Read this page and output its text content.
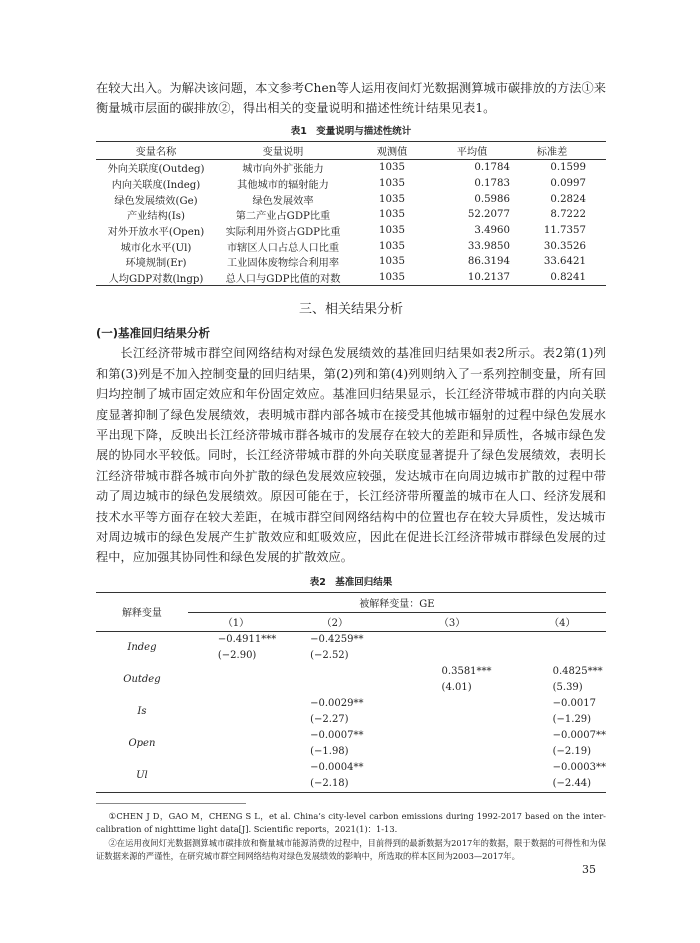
在较大出入。为解决该问题，本文参考Chen等人运用夜间灯光数据测算城市碳排放的方法①来衡量城市层面的碳排放②，得出相关的变量说明和描述性统计结果见表1。

表1　变量说明与描述性统计
变量名称	变量说明	观测值	平均值	标准差
外向关联度(Outdeg)	城市向外扩张能力	1035	0.1784	0.1599
内向关联度(Indeg)	其他城市的辐射能力	1035	0.1783	0.0997
绿色发展绩效(Ge)	绿色发展效率	1035	0.5986	0.2824
产业结构(Is)	第二产业占GDP比重	1035	52.2077	8.7222
对外开放水平(Open)	实际利用外资占GDP比重	1035	3.4960	11.7357
城市化水平(Ul)	市辖区人口占总人口比重	1035	33.9850	30.3526
环境规制(Er)	工业固体废物综合利用率	1035	86.3194	33.6421
人均GDP对数(lngp)	总人口与GDP比值的对数	1035	10.2137	0.8241
三、相关结果分析
(一)基准回归结果分析

长江经济带城市群空间网络结构对绿色发展绩效的基准回归结果如表2所示。表2第(1)列和第(3)列是不加入控制变量的回归结果，第(2)列和第(4)列则纳入了一系列控制变量，所有回归均控制了城市固定效应和年份固定效应。基准回归结果显示，长江经济带城市群的内向关联度显著抑制了绿色发展绩效，表明城市群内部各城市在接受其他城市辐射的过程中绿色发展水平出现下降，反映出长江经济带城市群各城市的发展存在较大的差距和异质性，各城市绿色发展的协同水平较低。同时，长江经济带城市群的外向关联度显著提升了绿色发展绩效，表明长江经济带城市群各城市向外扩散的绿色发展效应较强，发达城市在向周边城市扩散的过程中带动了周边城市的绿色发展绩效。原因可能在于，长江经济带所覆盖的城市在人口、经济发展和技术水平等方面存在较大差距，在城市群空间网络结构中的位置也存在较大异质性，发达城市对周边城市的绿色发展产生扩散效应和虹吸效应，因此在促进长江经济带城市群绿色发展的过程中，应加强其协同性和绿色发展的扩散效应。

表2　基准回归结果
解释变量	被解释变量：GE			
	（1）	（2）	（3）	（4）
Indeg	−0.4911***	−0.4259**		
	(−2.90)	(−2.52)		
Outdeg			0.3581***	0.4825***
			(4.01)	(5.39)
Is		−0.0029**		−0.0017
		(−2.27)		(−1.29)
Open		−0.0007**		−0.0007**
		(−1.98)		(−2.19)
Ul		−0.0004**		−0.0003**
		(−2.18)		(−2.44)

①CHEN J D，GAO M，CHENG S L，et al. China’s city-level carbon emissions during 1992-2017 based on the inter-calibration of nighttime light data[J]. Scientific reports，2021(1)：1-13.

②在运用夜间灯光数据测算城市碳排放和衡量城市能源消费的过程中，目前得到的最新数据为2017年的数据，限于数据的可得性和为保证数据来源的严谨性，在研究城市群空间网络结构对绿色发展绩效的影响中，所选取的样本区间为2003—2017年。

35
